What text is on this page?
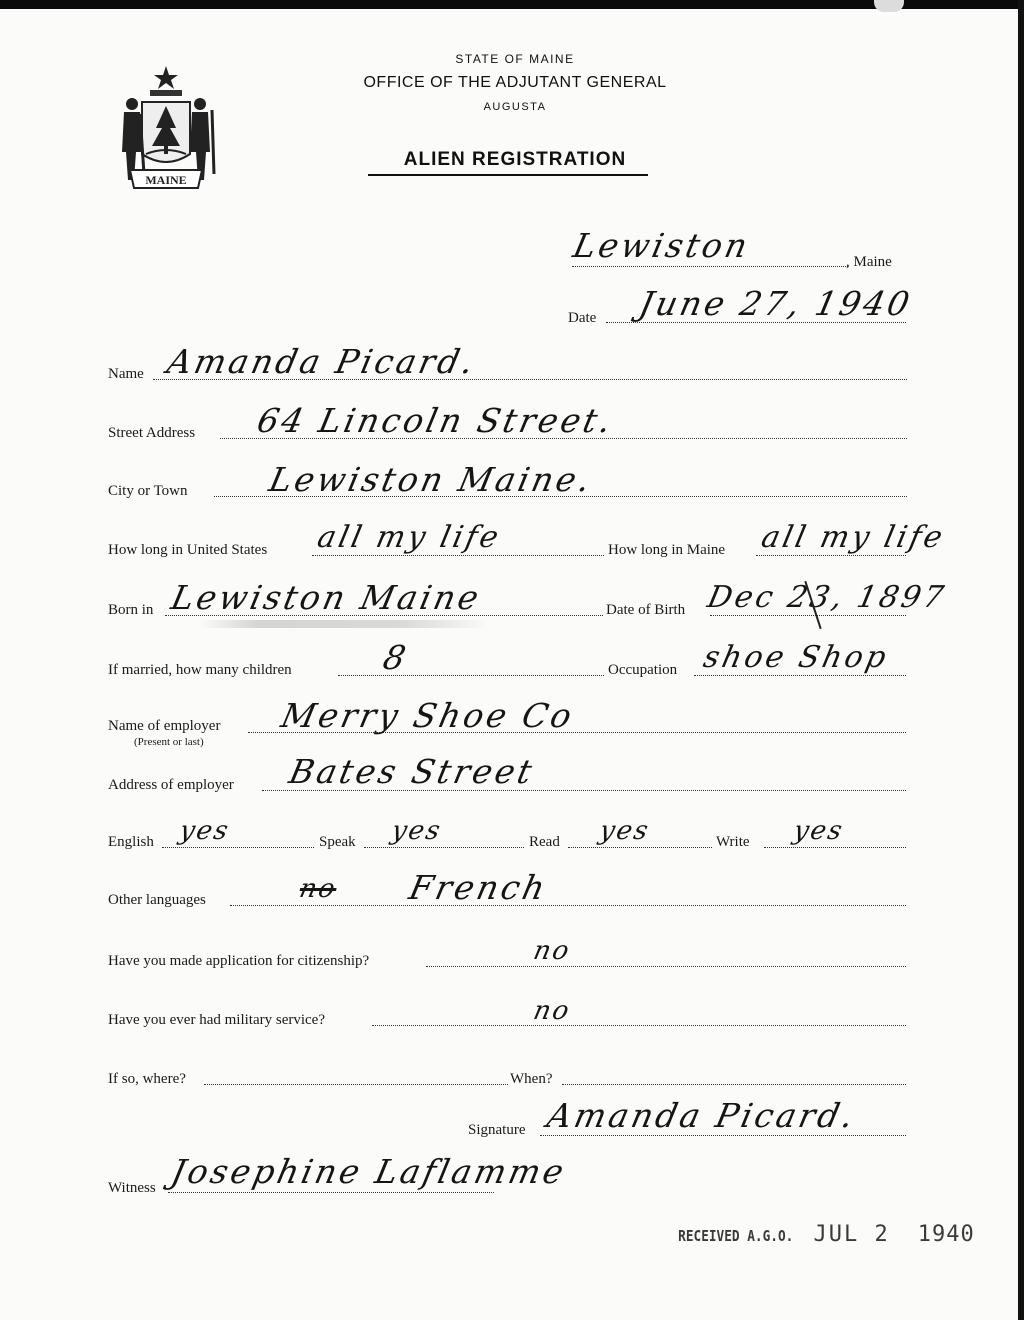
MAINE
STATE OF MAINE
OFFICE OF THE ADJUTANT GENERAL
AUGUSTA
ALIEN REGISTRATION
Lewiston	, Maine
Date June 27, 1940
Name Amanda Picard.
Street Address 64 Lincoln Street.
City or Town Lewiston Maine.
How long in United States all my life	How long in Maine all my life
Born in Lewiston Maine	Date of Birth Dec 23, 1897
If married, how many children	8	Occupation shoe Shop
Name of employer
(Present or last)
Merry Shoe Co
Address of employer Bates Street
English yes	Speak yes	Read yes	Write yes
Other languages	no French
Have you made application for citizenship?	no
Have you ever had military service?	no
If so, where?	When?
Signature Amanda Picard.
Witness Josephine Laflamme
RECEIVED A.G.O. JUL 2 1940
